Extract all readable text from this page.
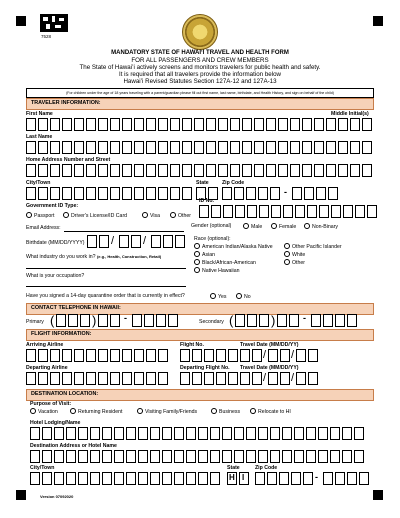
7528
MANDATORY STATE OF HAWAIʻI TRAVEL AND HEALTH FORM
FOR ALL PASSENGERS AND CREW MEMBERS
The State of Hawaiʻi actively screens and monitors travelers for public health and safety.
It is required that all travelers provide the information below
Hawaiʻi Revised Statutes Section 127A-12 and 127A-13
(For children under the age of 18 years traveling with a parent/guardian please fill out first name, last name, birthdate, and Health History, and sign on behalf of the child)
TRAVELER INFORMATION:
First Name	Middle Initial(s)
Last Name
Home Address Number and Street
City/Town	State	Zip Code
-
Government ID Type:
ID No.
Passport	Driver's License/ID Card	Visa	Other
Email Address:	Gender (optional)	Male	Female	Non-Binary
Birthdate (MM/DD/YYYY) /	/	Race (optional):
American Indian/Alaska Native	Other Pacific Islander
Asian	White
Black/African-American	Other
Native Hawaiian
What industry do you work in? (e.g., Health, Construction, Retail)
What is your occupation?
Have you signed a 14-day quarantine order that is currently in effect?	Yes	No
CONTACT TELEPHONE IN HAWAII:
Primary (	)	-	Secondary (	)	-
FLIGHT INFORMATION:
Arriving Airline	Flight No.	Travel Date (MM/DD/YY)
/ /
Departing Airline	Departing Flight No. Travel Date (MM/DD/YY)
/ /
DESTINATION LOCATION:
Purpose of Visit:
Vacation	Returning Resident	Visiting Family/Friends	Business	Relocate to HI
Hotel Lodging/Name
Destination Address or Hotel Name
City/Town	State	Zip Code
H I	-
Version 07092020
